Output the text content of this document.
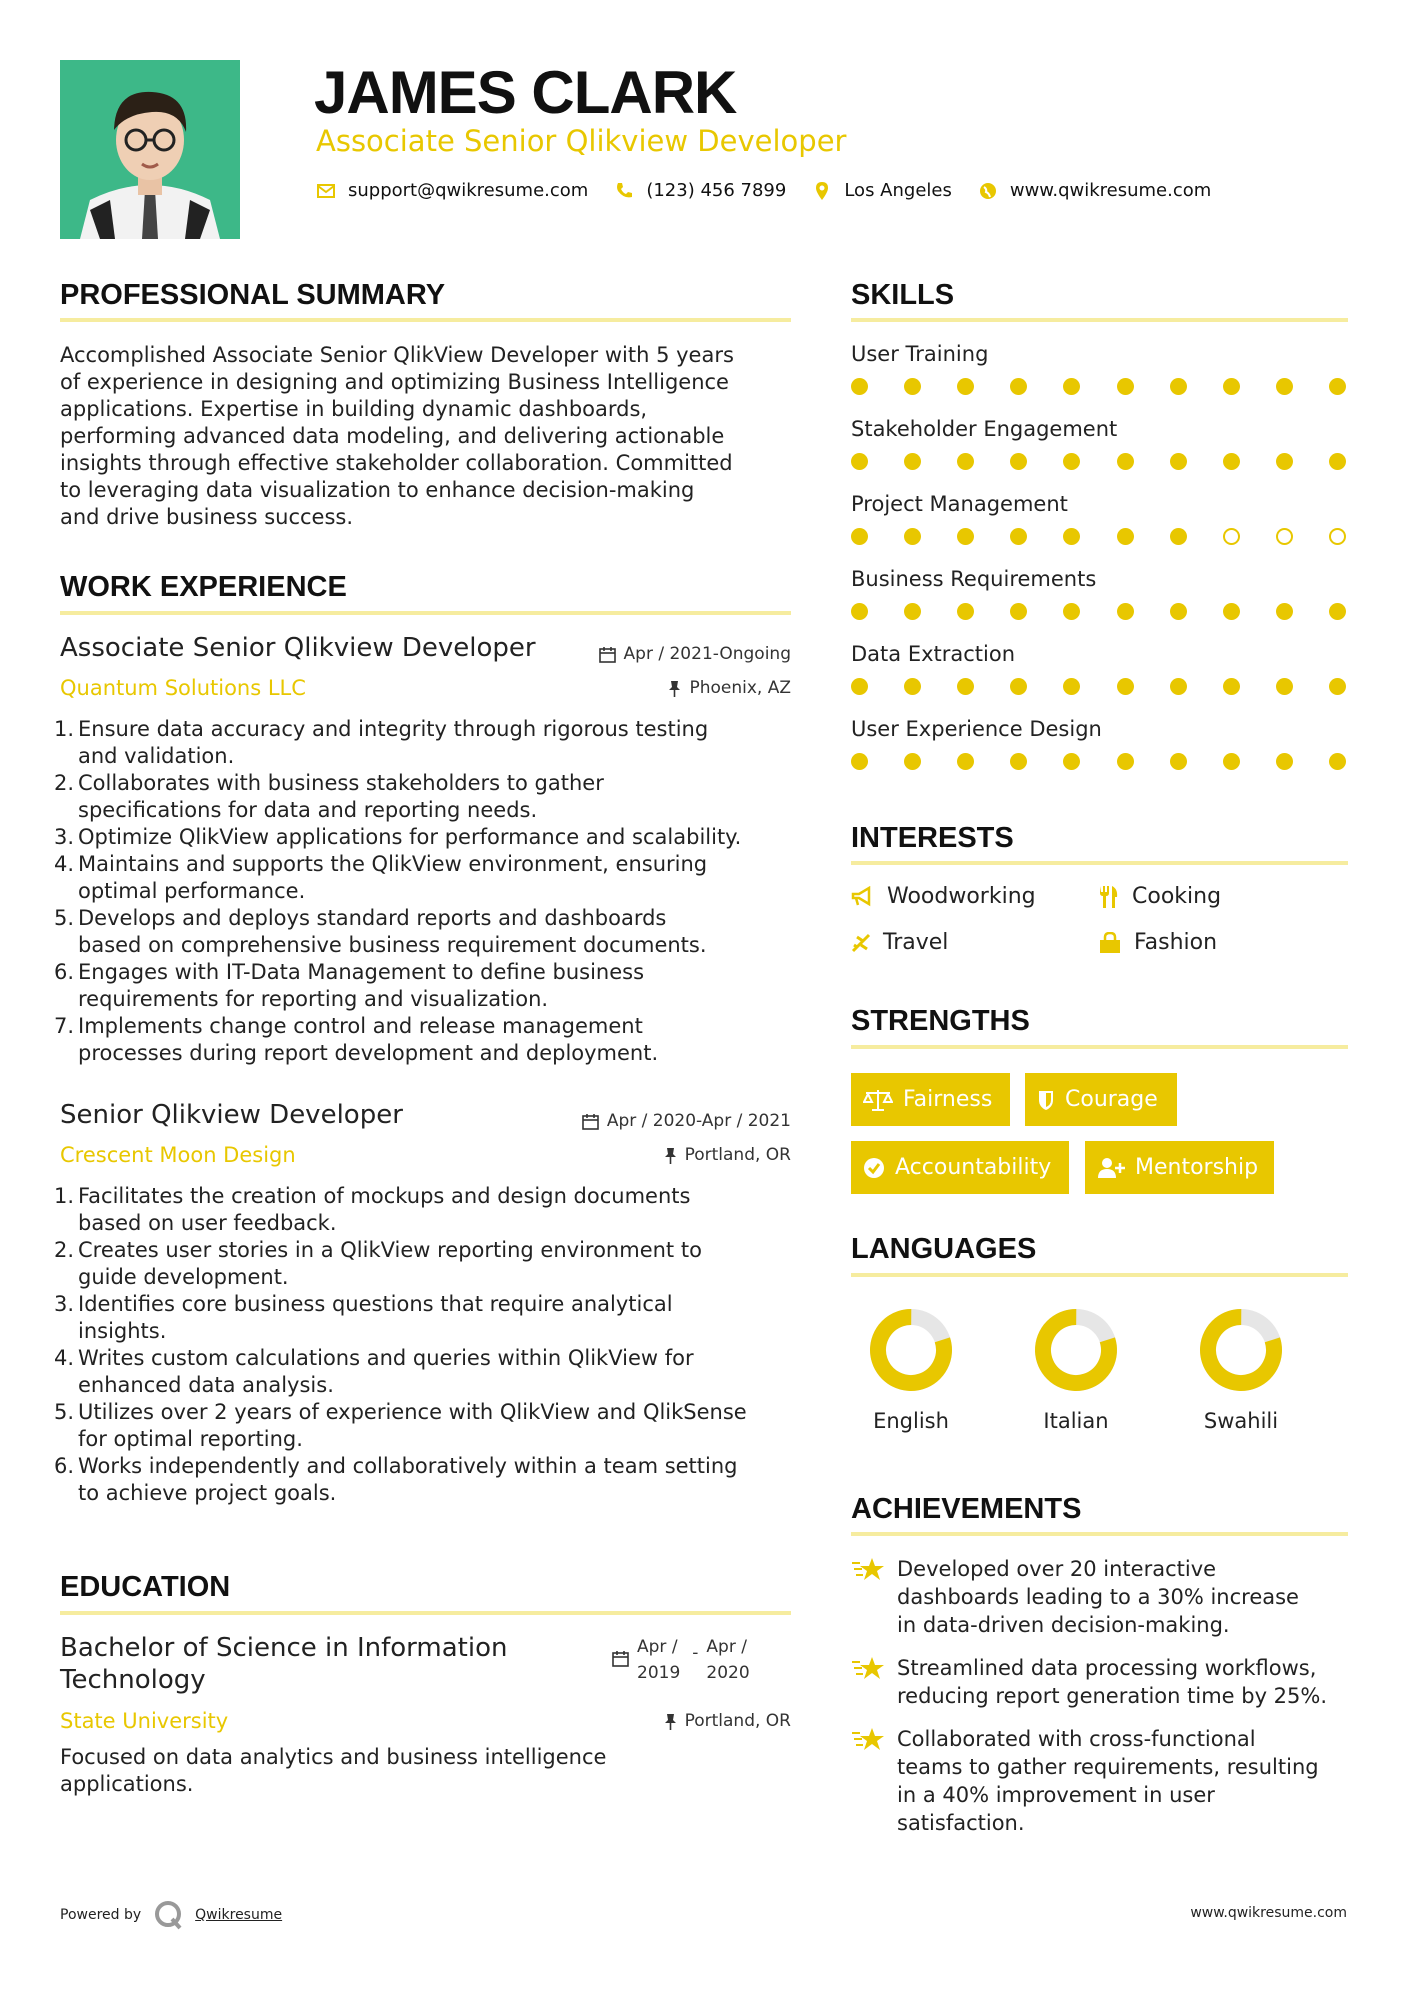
JAMES CLARK
Associate Senior Qlikview Developer
support@qwikresume.com	(123) 456 7899	Los Angeles	www.qwikresume.com
PROFESSIONAL SUMMARY
Accomplished Associate Senior QlikView Developer with 5 years
of experience in designing and optimizing Business Intelligence
applications. Expertise in building dynamic dashboards,
performing advanced data modeling, and delivering actionable
insights through effective stakeholder collaboration. Committed
to leveraging data visualization to enhance decision-making
and drive business success.
WORK EXPERIENCE
Associate Senior Qlikview Developer	Apr / 2021-Ongoing
Quantum Solutions LLC	Phoenix, AZ
1. Ensure data accuracy and integrity through rigorous testing
and validation.
2. Collaborates with business stakeholders to gather
specifications for data and reporting needs.
3. Optimize QlikView applications for performance and scalability.
4. Maintains and supports the QlikView environment, ensuring
optimal performance.
5. Develops and deploys standard reports and dashboards
based on comprehensive business requirement documents.
6. Engages with IT-Data Management to define business
requirements for reporting and visualization.
7. Implements change control and release management
processes during report development and deployment.
Senior Qlikview Developer	Apr / 2020-Apr / 2021
Crescent Moon Design	Portland, OR
1. Facilitates the creation of mockups and design documents
based on user feedback.
2. Creates user stories in a QlikView reporting environment to
guide development.
3. Identifies core business questions that require analytical
insights.
4. Writes custom calculations and queries within QlikView for
enhanced data analysis.
5. Utilizes over 2 years of experience with QlikView and QlikSense
for optimal reporting.
6. Works independently and collaboratively within a team setting
to achieve project goals.
EDUCATION
Bachelor of Science in Information
Technology
Apr /
2019
- Apr /
2020
State University	Portland, OR
Focused on data analytics and business intelligence
applications.
SKILLS
User Training
Stakeholder Engagement
Project Management
Business Requirements
Data Extraction
User Experience Design
INTERESTS
Woodworking	Cooking
Travel	Fashion
STRENGTHS
Fairness	Courage
Accountability	Mentorship
LANGUAGES
English	Italian	Swahili
ACHIEVEMENTS
Developed over 20 interactive
dashboards leading to a 30% increase
in data-driven decision-making.
Streamlined data processing workflows,
reducing report generation time by 25%.
Collaborated with cross-functional
teams to gather requirements, resulting
in a 40% improvement in user
satisfaction.
Powered by	Qwikresume	www.qwikresume.com
